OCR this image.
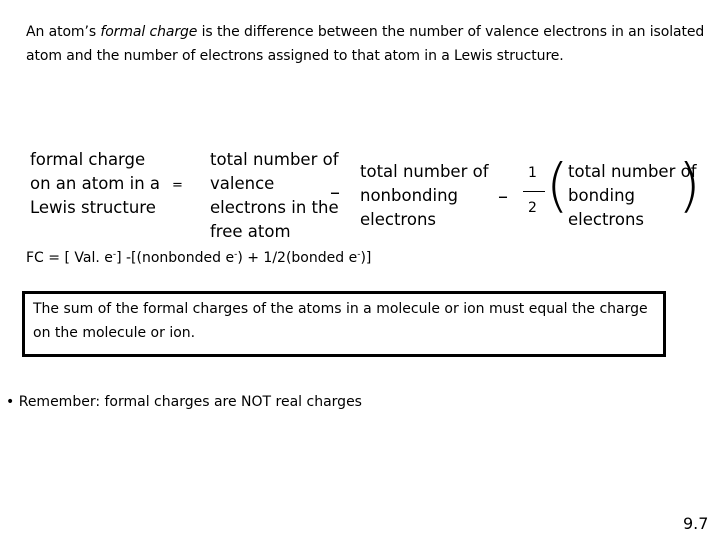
An atom’s formal charge is the difference between the number of valence electrons in an isolated atom and the number of electrons assigned to that atom in a Lewis structure.
formal charge
on an atom in a
Lewis structure
=
total number of
valence
electrons in the
free atom
–
total number of
nonbonding
electrons
–
1
2 ( total number of
bonding
electrons
)
FC = [ Val. e-] -[(nonbonded e-) + 1/2(bonded e-)]
The sum of the formal charges of the atoms in a molecule or ion must equal the charge on the molecule or ion.
• Remember: formal charges are NOT real charges
9.7
